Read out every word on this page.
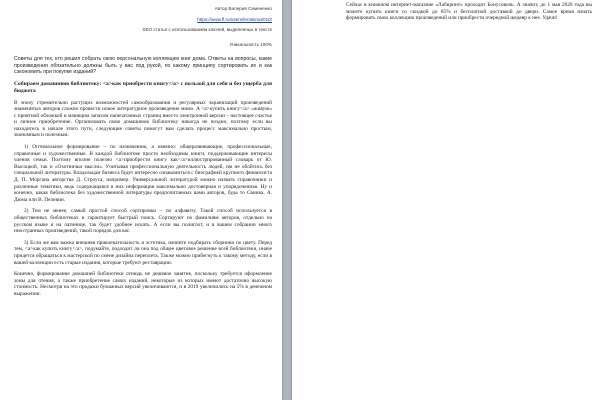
Автор Валерия Семененко
https://www.fl.ru/users/leriakina2010/
SEO статья с использованием ключей, выделенных в тексте
Уникальность 100%

Советы для тех, кто решил собрать свою персональную коллекцию книг дома. Ответы на вопросы, какие произведения обязательно должны быть у вас под рукой, по какому принципу сортировать их и как сэкономить при покупке изданий?

Собираем домашнюю библиотеку: <a>как приобрести книгу</a> с пользой для себя и без ущерба для бюджета

В эпоху стремительно растущих возможностей самообразования и регулярных экранизаций произведений знаменитых авторов сложно провести новое литературное произведение мимо. А <a>купить книгу</a> «живую» с приятной обложкой и манящим запахом напечатанных страниц вместо электронной версии – настоящее счастье и личное приобретение. Организовать свою домашнюю библиотеку никогда не поздно, поэтому если вы находитесь в начале этого пути, следующие советы помогут вам сделать процесс максимально простым, экономным и полезным.

1) Оптимальное формирование – по назначению, а именно: общеразвивающие, профессиональные, справочные и художественные. В каждой библиотеке просто необходимы книги, поддерживающие интересы членов семьи. Поэтому вполне полезно <a>приобрести книгу как</a>иллюстрированный словарь от Ю. Высоцкой, так и «Охотничьи мысли». Учитывая профессиональную деятельность людей, им не обойтись без специальной литературы. Владельцам бизнеса будет интересно ознакомиться с биографией крупного финансиста Д. П. Моргана авторства Д. Строуса, например. Универсальной литературой можно назвать справочники и различные тематики, ведь содержащаяся в них информация максимально достоверная и упорядоченная. Ну и конечно, какая библиотека без художественной литературы предпочитаемых вами авторов, будь то Свинка, А. Дюма или В. Пелевин.

2) Тем не менее, самый простой способ сортировки – по алфавиту. Такой способ используется в общественных библиотеках и гарантирует быстрый поиск. Сортируют по фамилиям авторов, отдельно на русском языке и на латинице, так будет удобнее искать. А если вы полиглот, и в вашем собрании много иностранных произведений, такой порядок для вас.

3) Если же вам важна внешняя привлекательность и эстетика, начните подбирать сборники по цвету. Перед тем, <a>как купить книгу</a>, подумайте, подходит ли она под общее цветовое решение всей библиотеки, иначе придется обращаться к мастерской по смене дизайна переплета. Также можно прибегнуть к такому методу, если в вашей коллекции есть старые издания, которые требуют реставрации.

Конечно, формирование домашней библиотеки отнюдь не дешевое занятие, поскольку требуется оформление зоны для чтения, а также приобретение самих изданий, некоторые из которых имеют достаточно высокую стоимость. Несмотря на это продажи бумажных версий увеличиваются, и в 2019 увеличились на 5% в денежном выражении.

Сейчас в книжном интернет-магазине «Лабиринт» проходит Бонусовочь. А значит, до 1 мая 2020 года вы можете купить книги со скидкой до 85% и бесплатной доставкой до двери. Самое время начать формировать свою коллекцию произведений или приобрести очередной шедевр к нее. Удачи!
